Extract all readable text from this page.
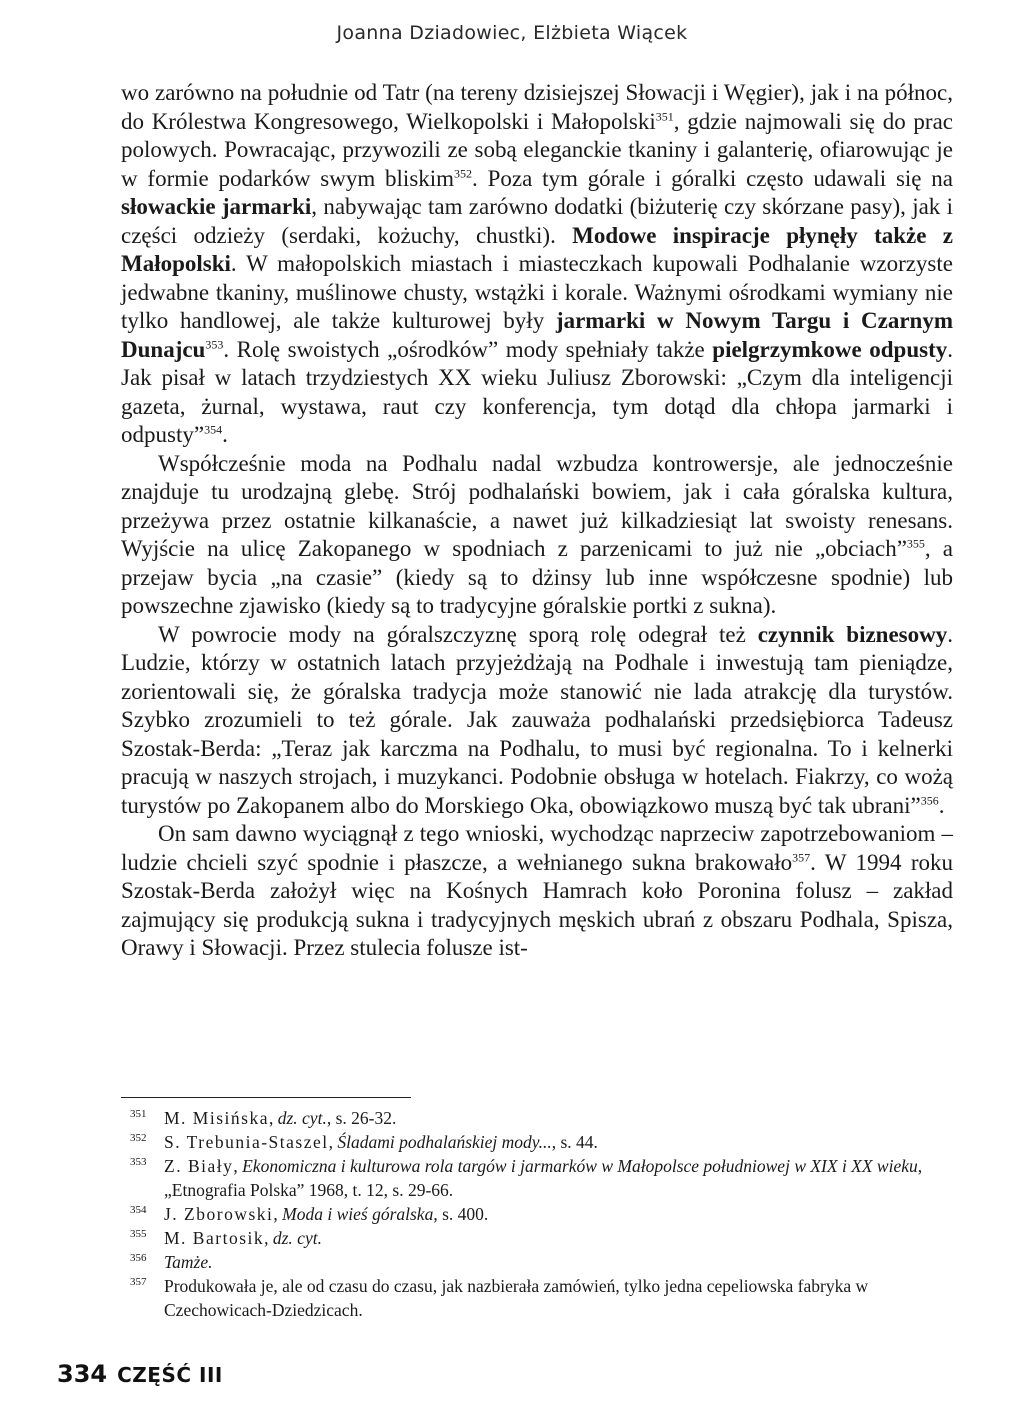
Joanna Dziadowiec, Elżbieta Wiącek

wo zarówno na południe od Tatr (na tereny dzisiejszej Słowacji i Węgier), jak i na północ, do Królestwa Kongresowego, Wielkopolski i Małopolski$^{351}$, gdzie najmowali się do prac polowych. Powracając, przywozili ze sobą eleganckie tkaniny i galanterię, ofiarowując je w formie podarków swym bliskim$^{352}$. Poza tym górale i góralki często udawali się na słowackie jarmarki, nabywając tam zarówno dodatki (biżuterię czy skórzane pasy), jak i części odzieży (serdaki, kożuchy, chustki). Modowe inspiracje płynęły także z Małopolski. W małopolskich miastach i miasteczkach kupowali Podhalanie wzorzyste jedwabne tkaniny, muślinowe chusty, wstążki i korale. Ważnymi ośrodkami wymiany nie tylko handlowej, ale także kulturowej były jarmarki w Nowym Targu i Czarnym Dunajcu$^{353}$. Rolę swoistych „ośrodków” mody spełniały także pielgrzymkowe odpusty. Jak pisał w latach trzydziestych XX wieku Juliusz Zborowski: „Czym dla inteligencji gazeta, żurnal, wystawa, raut czy konferencja, tym dotąd dla chłopa jarmarki i odpusty”$^{354}$.

Współcześnie moda na Podhalu nadal wzbudza kontrowersje, ale jednocześnie znajduje tu urodzajną glebę. Strój podhalański bowiem, jak i cała góralska kultura, przeżywa przez ostatnie kilkanaście, a nawet już kilkadziesiąt lat swoisty renesans. Wyjście na ulicę Zakopanego w spodniach z parzenicami to już nie „obciach”$^{355}$, a przejaw bycia „na czasie” (kiedy są to dżinsy lub inne współczesne spodnie) lub powszechne zjawisko (kiedy są to tradycyjne góralskie portki z sukna).

W powrocie mody na góralszczyznę sporą rolę odegrał też czynnik biznesowy. Ludzie, którzy w ostatnich latach przyjeżdżają na Podhale i inwestują tam pieniądze, zorientowali się, że góralska tradycja może stanowić nie lada atrakcję dla turystów. Szybko zrozumieli to też górale. Jak zauważa podhalański przedsiębiorca Tadeusz Szostak-Berda: „Teraz jak karczma na Podhalu, to musi być regionalna. To i kelnerki pracują w naszych strojach, i muzykanci. Podobnie obsługa w hotelach. Fiakrzy, co wożą turystów po Zakopanem albo do Morskiego Oka, obowiązkowo muszą być tak ubrani”$^{356}$.

On sam dawno wyciągnął z tego wnioski, wychodząc naprzeciw zapotrzebowaniom – ludzie chcieli szyć spodnie i płaszcze, a wełnianego sukna brakowało$^{357}$. W 1994 roku Szostak-Berda założył więc na Kośnych Hamrach koło Poronina folusz – zakład zajmujący się produkcją sukna i tradycyjnych męskich ubrań z obszaru Podhala, Spisza, Orawy i Słowacji. Przez stulecia folusze ist-

351 M. Misińska, dz. cyt., s. 26-32.
352 S. Trebunia-Staszel, Śladami podhalańskiej mody..., s. 44.
353 Z. Biały, Ekonomiczna i kulturowa rola targów i jarmarków w Małopolsce południowej w XIX i XX wieku, „Etnografia Polska” 1968, t. 12, s. 29-66.
354 J. Zborowski, Moda i wieś góralska, s. 400.
355 M. Bartosik, dz. cyt.
356 Tamże.
357 Produkowała je, ale od czasu do czasu, jak nazbierała zamówień, tylko jedna cepeliowska fabryka w Czechowicach-Dziedzicach.
334 CZĘŚĆ III
